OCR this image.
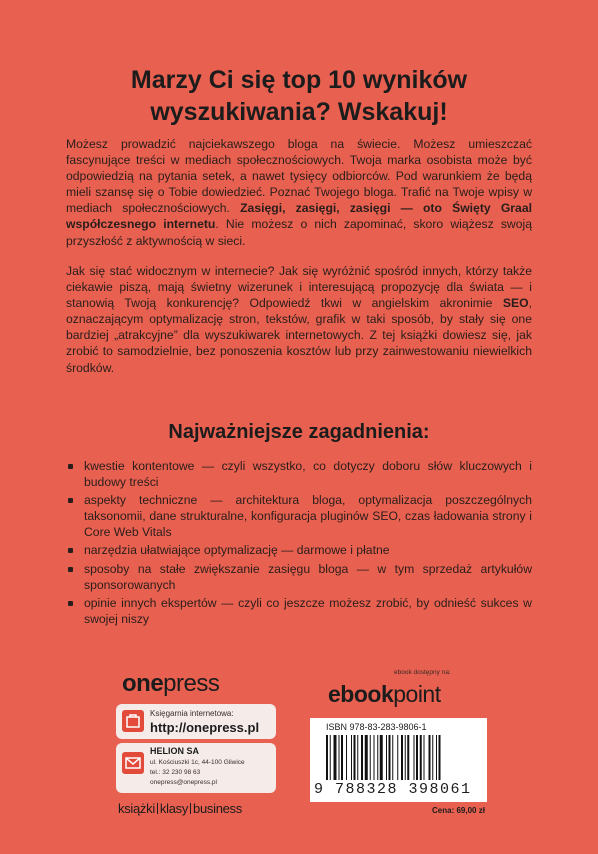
Marzy Ci się top 10 wyników
wyszukiwania? Wskakuj!
Możesz prowadzić najciekawszego bloga na świecie. Możesz umieszczać fascynujące treści w mediach społecznościowych. Twoja marka osobista może być odpowiedzią na pytania setek, a nawet tysięcy odbiorców. Pod warunkiem że będą mieli szansę się o Tobie dowiedzieć. Poznać Twojego bloga. Trafić na Twoje wpisy w mediach społecznościowych. Zasięgi, zasięgi, zasięgi — oto Święty Graal współczesnego internetu. Nie możesz o nich zapominać, skoro wiążesz swoją przyszłość z aktywnością w sieci.
Jak się stać widocznym w internecie? Jak się wyróżnić spośród innych, którzy także ciekawie piszą, mają świetny wizerunek i interesującą propozycję dla świata — i stanowią Twoją konkurencję? Odpowiedź tkwi w angielskim akronimie SEO, oznaczającym optymalizację stron, tekstów, grafik w taki sposób, by stały się one bardziej „atrakcyjne” dla wyszukiwarek internetowych. Z tej książki dowiesz się, jak zrobić to samodzielnie, bez ponoszenia kosztów lub przy zainwestowaniu niewielkich środków.
Najważniejsze zagadnienia:
kwestie kontentowe — czyli wszystko, co dotyczy doboru słów kluczowych i budowy treści
aspekty techniczne — architektura bloga, optymalizacja poszczególnych taksonomii, dane strukturalne, konfiguracja pluginów SEO, czas ładowania strony i Core Web Vitals
narzędzia ułatwiające optymalizację — darmowe i płatne
sposoby na stałe zwiększanie zasięgu bloga — w tym sprzedaż artykułów sponsorowanych
opinie innych ekspertów — czyli co jeszcze możesz zrobić, by odnieść sukces w swojej niszy
onepress	ebook dostępny na:
ebookpoint
Księgarnia internetowa:
http://onepress.pl
HELION SA
ul. Kościuszki 1c, 44-100 Gliwice
tel.: 32 230 98 63
onepress@onepress.pl
ISBN 978-83-283-9806-1
9 788328 398061
Cena: 69,00 zł
książki klasy business
